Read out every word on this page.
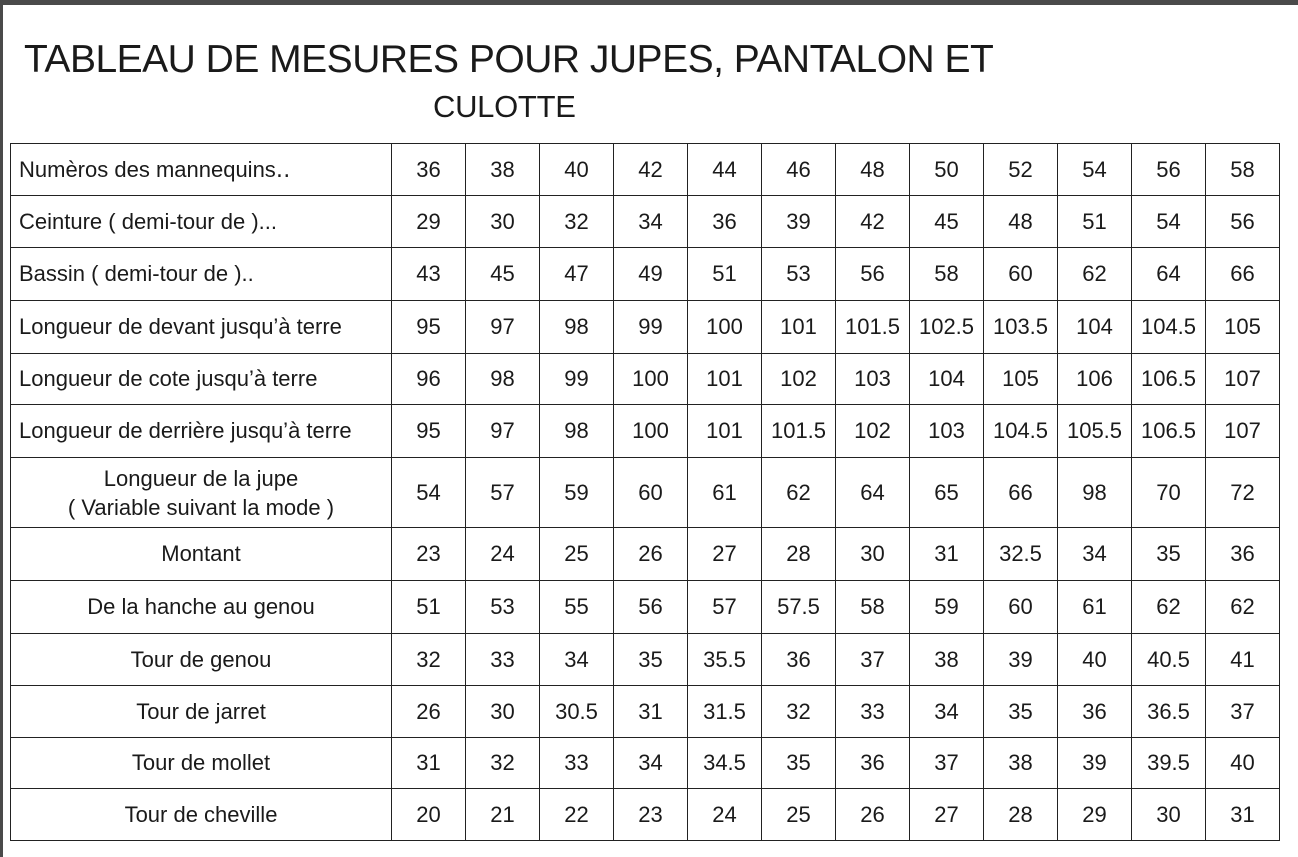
TABLEAU DE MESURES POUR JUPES, PANTALON ET
CULOTTE
Numèros des mannequins‥	36	38	40	42	44	46	48	50	52	54	56	58
Ceinture ( demi-tour de )...	29	30	32	34	36	39	42	45	48	51	54	56
Bassin ( demi-tour de )..	43	45	47	49	51	53	56	58	60	62	64	66
Longueur de devant jusqu’à terre	95	97	98	99	100	101	101.5	102.5	103.5	104	104.5	105
Longueur de cote jusqu’à terre	96	98	99	100	101	102	103	104	105	106	106.5	107
Longueur de derrière jusqu’à terre	95	97	98	100	101	101.5	102	103	104.5	105.5	106.5	107

Longueur de la jupe
( Variable suivant la mode )	54	57	59	60	61	62	64	65	66	98	70	72
Montant	23	24	25	26	27	28	30	31	32.5	34	35	36
De la hanche au genou	51	53	55	56	57	57.5	58	59	60	61	62	62
Tour de genou	32	33	34	35	35.5	36	37	38	39	40	40.5	41
Tour de jarret	26	30	30.5	31	31.5	32	33	34	35	36	36.5	37
Tour de mollet	31	32	33	34	34.5	35	36	37	38	39	39.5	40
Tour de cheville	20	21	22	23	24	25	26	27	28	29	30	31
